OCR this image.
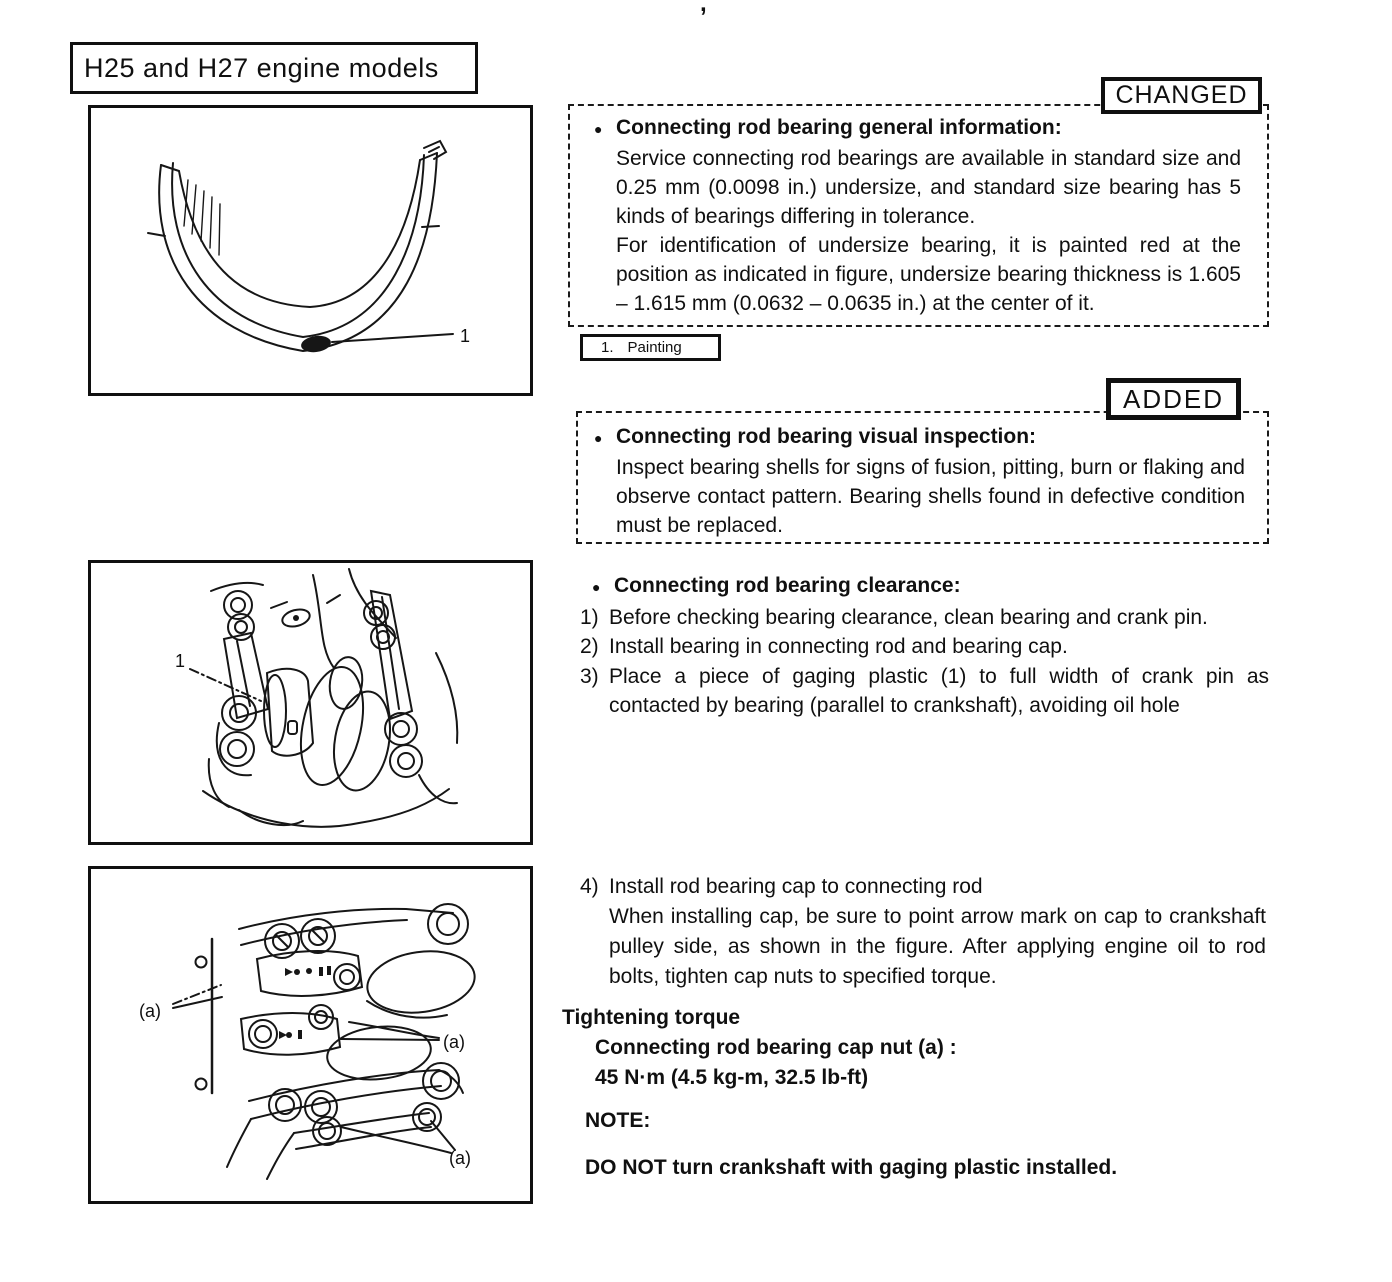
,
H25 and H27 engine models
CHANGED
ADDED
1
● Connecting rod bearing general information:
Service connecting rod bearings are available in standard size and 0.25 mm (0.0098 in.) undersize, and standard size bearing has 5 kinds of bearings differing in tolerance.
For identification of undersize bearing, it is painted red at the position as indicated in figure, undersize bearing thickness is 1.605 – 1.615 mm (0.0632 – 0.0635 in.) at the center of it.
1. Painting
● Connecting rod bearing visual inspection:
Inspect bearing shells for signs of fusion, pitting, burn or flaking and observe contact pattern. Bearing shells found in defective condition must be replaced.
1
● Connecting rod bearing clearance:
1) Before checking bearing clearance, clean bearing and crank pin.
2) Install bearing in connecting rod and bearing cap.
3) Place a piece of gaging plastic (1) to full width of crank pin as contacted by bearing (parallel to crankshaft), avoiding oil hole
(a)
(a)
(a)
4) Install rod bearing cap to connecting rod
When installing cap, be sure to point arrow mark on cap to crankshaft pulley side, as shown in the figure. After applying engine oil to rod bolts, tighten cap nuts to specified torque.
Tightening torque
Connecting rod bearing cap nut (a) :
45 N·m (4.5 kg-m, 32.5 lb-ft)
NOTE:
DO NOT turn crankshaft with gaging plastic installed.
